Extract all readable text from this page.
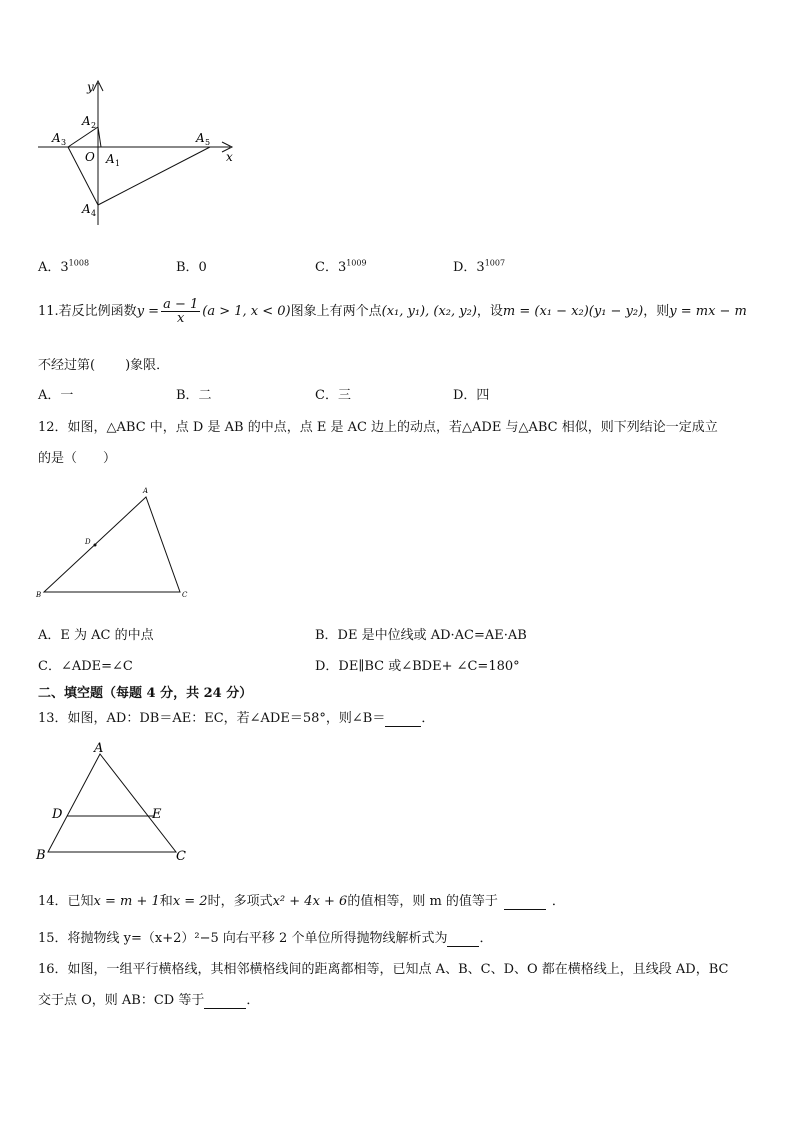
y
x
A 2
A 3
O A 1
A 5
A 4
A．$3^{1008}$	B．0	C．$3^{1009}$	D．$3^{1007}$
11.若反比例函数$y = \frac{a - 1}{x} (a > 1$, x < 0)图象上有两个点(x₁, y₁), (x₂, y₂)，设m = (x₁ − x₂)(y₁ − y₂)，则y = mx − m
不经过第( )象限．
A．一	B．二	C．三	D．四
12．如图，△ABC 中，点 D 是 AB 的中点，点 E 是 AC 边上的动点，若△ADE 与△ABC 相似，则下列结论一定成立
的是（　　）
A
D
B	C
A．E 为 AC 的中点	B．DE 是中位线或 AD·AC=AE·AB
C．∠ADE=∠C	D．DE∥BC 或∠BDE+ ∠C=180°
二、填空题（每题 4 分，共 24 分）
13．如图，AD：DB＝AE：EC，若∠ADE＝58°，则∠B＝	．
A
D	E
B	C
14．已知x = m + 1和x = 2时，多项式x² + 4x + 6的值相等，则 m 的值等于	．
15．将抛物线 y=（x+2）²−5 向右平移 2 个单位所得抛物线解析式为 ．
16．如图，一组平行横格线，其相邻横格线间的距离都相等，已知点 A、B、C、D、O 都在横格线上，且线段 AD，BC
交于点 O，则 AB：CD 等于	．
